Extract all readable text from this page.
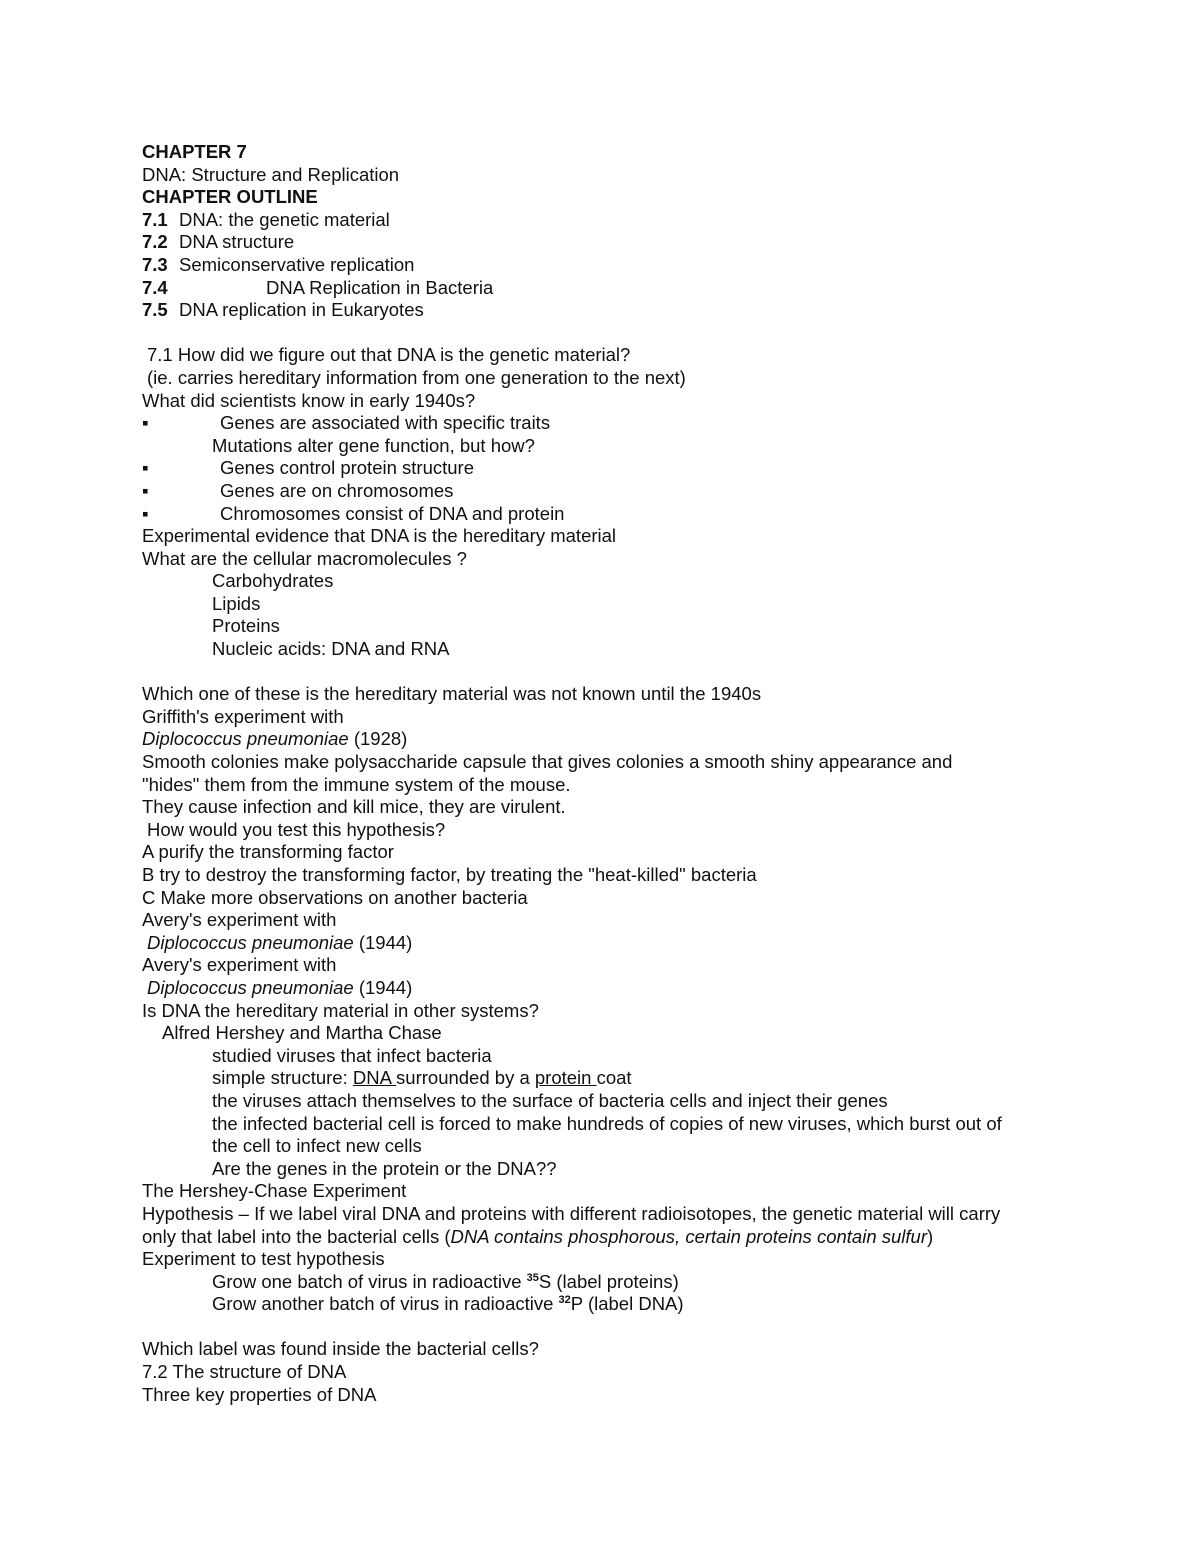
CHAPTER 7
DNA: Structure and Replication
CHAPTER OUTLINE
7.1 DNA: the genetic material
7.2 DNA structure
7.3 Semiconservative replication
7.4	DNA Replication in Bacteria
7.5 DNA replication in Eukaryotes
7.1 How did we figure out that DNA is the genetic material?
(ie. carries hereditary information from one generation to the next)
What did scientists know in early 1940s?
▪	Genes are associated with specific traits
Mutations alter gene function, but how?
▪	Genes control protein structure
▪	Genes are on chromosomes
▪	Chromosomes consist of DNA and protein
Experimental evidence that DNA is the hereditary material
What are the cellular macromolecules ?
Carbohydrates
Lipids
Proteins
Nucleic acids: DNA and RNA
Which one of these is the hereditary material was not known until the 1940s
Griffith's experiment with
Diplococcus pneumoniae (1928)
Smooth colonies make polysaccharide capsule that gives colonies a smooth shiny appearance and
"hides" them from the immune system of the mouse.
They cause infection and kill mice, they are virulent.
How would you test this hypothesis?
A purify the transforming factor
B try to destroy the transforming factor, by treating the "heat-killed" bacteria
C Make more observations on another bacteria
Avery's experiment with
Diplococcus pneumoniae (1944)
Avery's experiment with
Diplococcus pneumoniae (1944)
Is DNA the hereditary material in other systems?
Alfred Hershey and Martha Chase
studied viruses that infect bacteria
simple structure: DNA surrounded by a protein coat
the viruses attach themselves to the surface of bacteria cells and inject their genes
the infected bacterial cell is forced to make hundreds of copies of new viruses, which burst out of
the cell to infect new cells
Are the genes in the protein or the DNA??
The Hershey-Chase Experiment
Hypothesis – If we label viral DNA and proteins with different radioisotopes, the genetic material will carry
only that label into the bacterial cells (DNA contains phosphorous, certain proteins contain sulfur)
Experiment to test hypothesis
Grow one batch of virus in radioactive $^{35}$S (label proteins)
Grow another batch of virus in radioactive $^{32}$P (label DNA)
Which label was found inside the bacterial cells?
7.2 The structure of DNA
Three key properties of DNA
